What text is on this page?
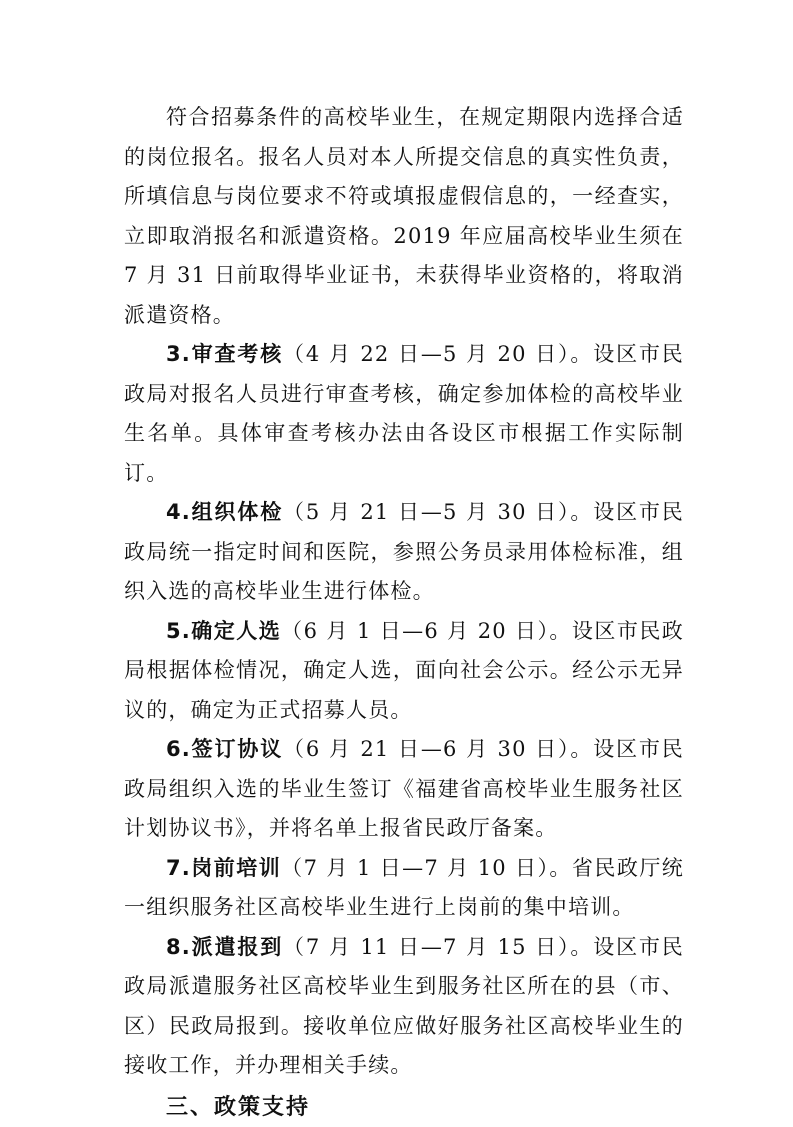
符合招募条件的高校毕业生，在规定期限内选择合适的岗位报名。报名人员对本人所提交信息的真实性负责，所填信息与岗位要求不符或填报虚假信息的，一经查实，立即取消报名和派遣资格。2019 年应届高校毕业生须在 7 月 31 日前取得毕业证书，未获得毕业资格的，将取消派遣资格。

3.审查考核（4 月 22 日—5 月 20 日）。设区市民政局对报名人员进行审查考核，确定参加体检的高校毕业生名单。具体审查考核办法由各设区市根据工作实际制订。

4.组织体检（5 月 21 日—5 月 30 日）。设区市民政局统一指定时间和医院，参照公务员录用体检标准，组织入选的高校毕业生进行体检。

5.确定人选（6 月 1 日—6 月 20 日）。设区市民政局根据体检情况，确定人选，面向社会公示。经公示无异议的，确定为正式招募人员。

6.签订协议（6 月 21 日—6 月 30 日）。设区市民政局组织入选的毕业生签订《福建省高校毕业生服务社区计划协议书》，并将名单上报省民政厅备案。

7.岗前培训（7 月 1 日—7 月 10 日）。省民政厅统一组织服务社区高校毕业生进行上岗前的集中培训。

8.派遣报到（7 月 11 日—7 月 15 日）。设区市民政局派遣服务社区高校毕业生到服务社区所在的县（市、区）民政局报到。接收单位应做好服务社区高校毕业生的接收工作，并办理相关手续。

三、政策支持
